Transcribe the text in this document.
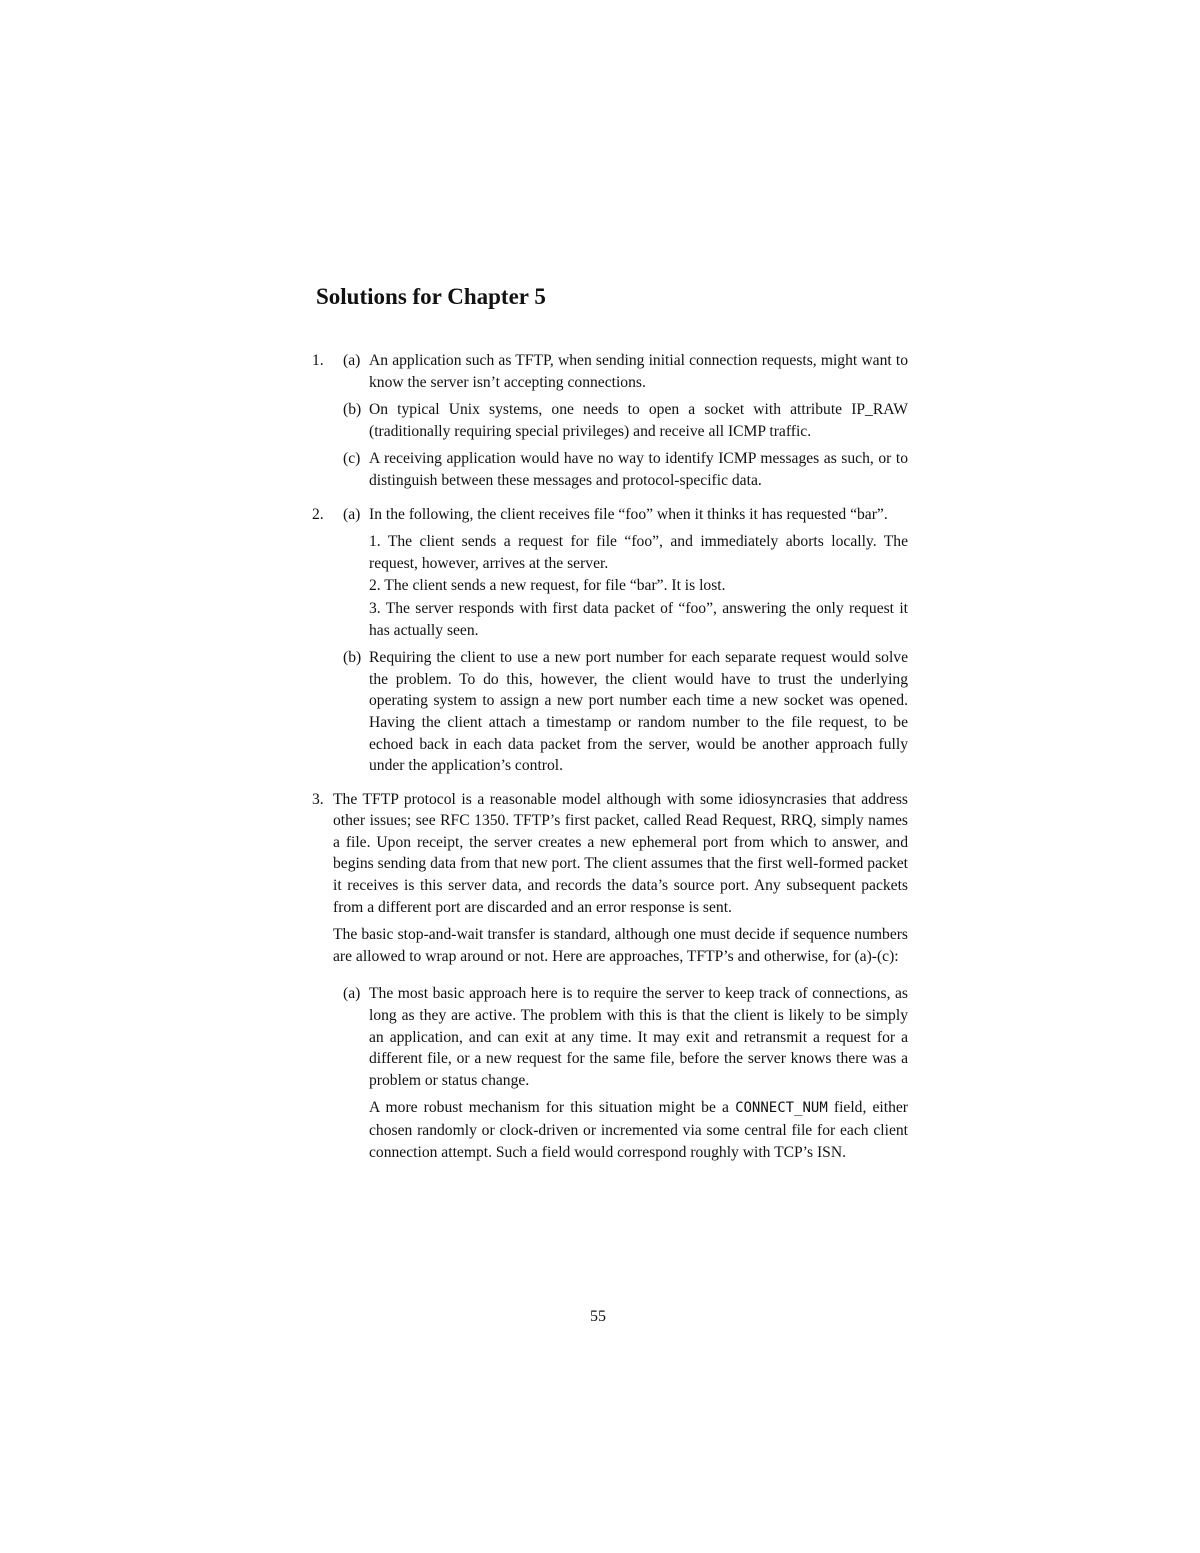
Solutions for Chapter 5
1. (a) An application such as TFTP, when sending initial connection requests, might want to know the server isn’t accepting connections.
(b) On typical Unix systems, one needs to open a socket with attribute IP_RAW (traditionally requiring special privileges) and receive all ICMP traffic.
(c) A receiving application would have no way to identify ICMP messages as such, or to distinguish between these messages and protocol-specific data.
2. (a) In the following, the client receives file “foo” when it thinks it has requested “bar”.
1. The client sends a request for file “foo”, and immediately aborts locally. The request, however, arrives at the server.
2. The client sends a new request, for file “bar”. It is lost.
3. The server responds with first data packet of “foo”, answering the only request it has actually seen.
(b) Requiring the client to use a new port number for each separate request would solve the problem. To do this, however, the client would have to trust the underlying operating system to assign a new port number each time a new socket was opened. Having the client attach a timestamp or random number to the file request, to be echoed back in each data packet from the server, would be another approach fully under the application’s control.
3. The TFTP protocol is a reasonable model although with some idiosyncrasies that address other issues; see RFC 1350. TFTP’s first packet, called Read Request, RRQ, simply names a file. Upon receipt, the server creates a new ephemeral port from which to answer, and begins sending data from that new port. The client assumes that the first well-formed packet it receives is this server data, and records the data’s source port. Any subsequent packets from a different port are discarded and an error response is sent.
The basic stop-and-wait transfer is standard, although one must decide if sequence numbers are allowed to wrap around or not. Here are approaches, TFTP’s and otherwise, for (a)-(c):
(a) The most basic approach here is to require the server to keep track of connections, as long as they are active. The problem with this is that the client is likely to be simply an application, and can exit at any time. It may exit and retransmit a request for a different file, or a new request for the same file, before the server knows there was a problem or status change.
A more robust mechanism for this situation might be a CONNECT_NUM field, either chosen randomly or clock-driven or incremented via some central file for each client connection attempt. Such a field would correspond roughly with TCP’s ISN.
55
